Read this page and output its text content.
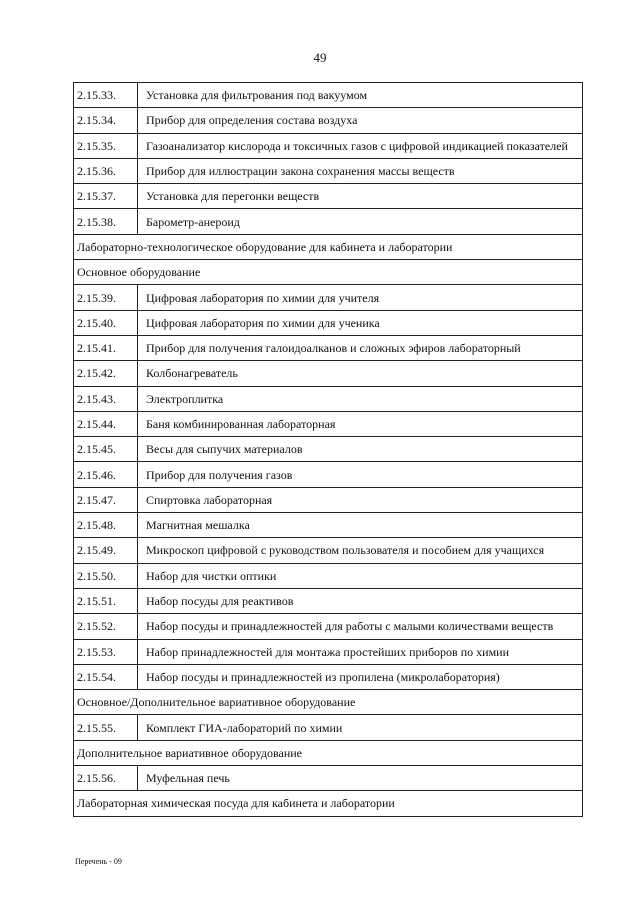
49
2.15.33.	Установка для фильтрования под вакуумом
2.15.34.	Прибор для определения состава воздуха
2.15.35.	Газоанализатор кислорода и токсичных газов с цифровой индикацией показателей
2.15.36.	Прибор для иллюстрации закона сохранения массы веществ
2.15.37.	Установка для перегонки веществ
2.15.38.	Барометр-анероид
Лабораторно-технологическое оборудование для кабинета и лаборатории	
Основное оборудование	
2.15.39.	Цифровая лаборатория по химии для учителя
2.15.40.	Цифровая лаборатория по химии для ученика
2.15.41.	Прибор для получения галоидоалканов и сложных эфиров лабораторный
2.15.42.	Колбонагреватель
2.15.43.	Электроплитка
2.15.44.	Баня комбинированная лабораторная
2.15.45.	Весы для сыпучих материалов
2.15.46.	Прибор для получения газов
2.15.47.	Спиртовка лабораторная
2.15.48.	Магнитная мешалка
2.15.49.	Микроскоп цифровой с руководством пользователя и пособием для учащихся
2.15.50.	Набор для чистки оптики
2.15.51.	Набор посуды для реактивов
2.15.52.	Набор посуды и принадлежностей для работы с малыми количествами веществ
2.15.53.	Набор принадлежностей для монтажа простейших приборов по химии
2.15.54.	Набор посуды и принадлежностей из пропилена (микролаборатория)
Основное/Дополнительное вариативное оборудование	
2.15.55.	Комплект ГИА-лабораторий по химии
Дополнительное вариативное оборудование	
2.15.56.	Муфельная печь
Лабораторная химическая посуда для кабинета и лаборатории	
Перечень - 09
